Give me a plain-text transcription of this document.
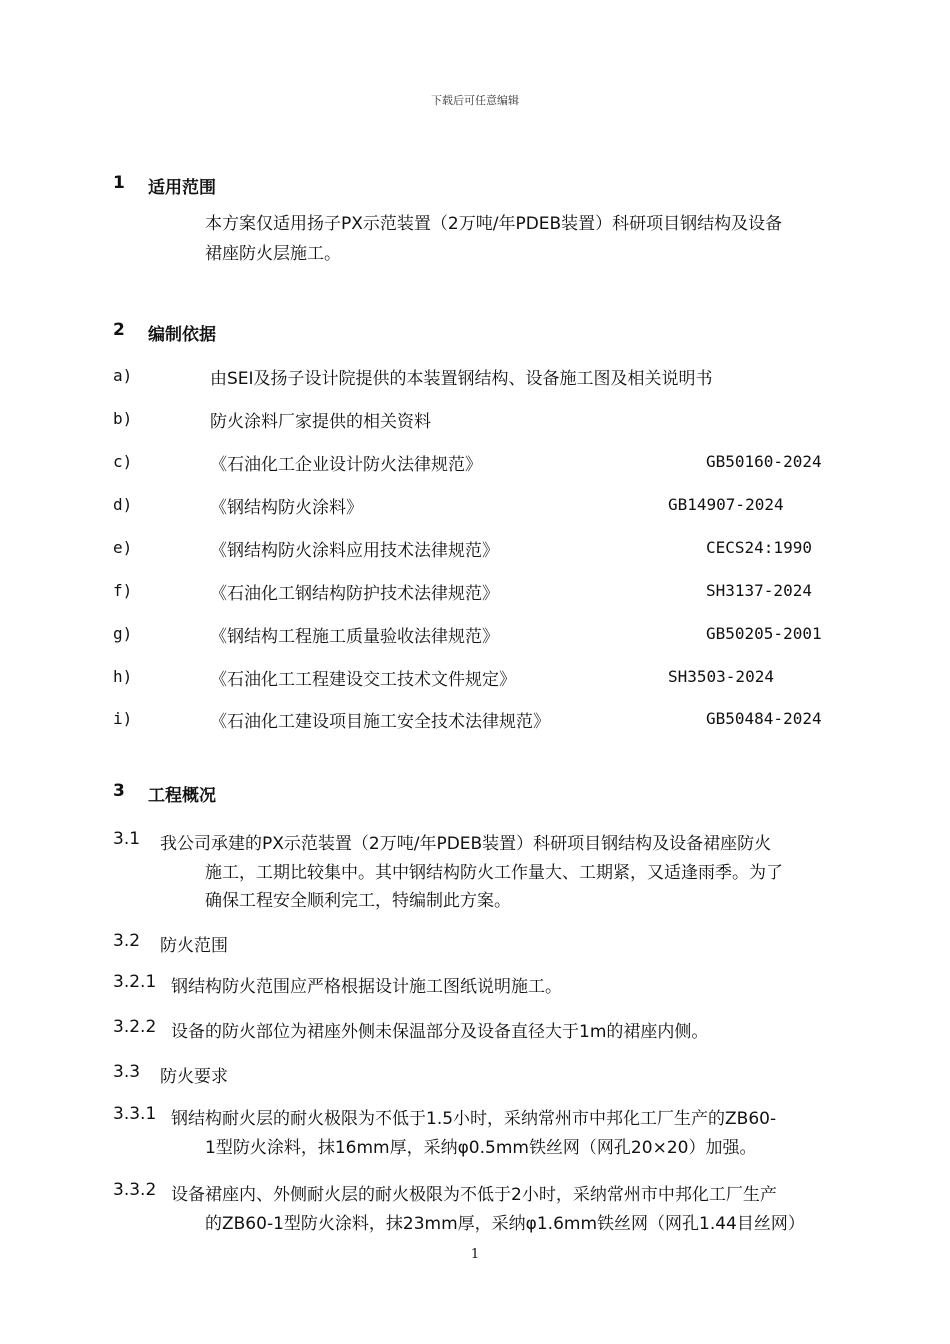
下载后可任意编辑
1 适用范围
本方案仅适用扬子PX示范装置（2万吨/年PDEB装置）科研项目钢结构及设备
裙座防火层施工。
2 编制依据
a)	由SEI及扬子设计院提供的本装置钢结构、设备施工图及相关说明书
b)	防火涂料厂家提供的相关资料
c)	《石油化工企业设计防火法律规范》	GB50160-2024
d)	《钢结构防火涂料》	GB14907-2024
e)	《钢结构防火涂料应用技术法律规范》	CECS24:1990
f)	《石油化工钢结构防护技术法律规范》	SH3137-2024
g)	《钢结构工程施工质量验收法律规范》	GB50205-2001
h)	《石油化工工程建设交工技术文件规定》	SH3503-2024
i)	《石油化工建设项目施工安全技术法律规范》	GB50484-2024
3 工程概况
3.1 我公司承建的PX示范装置（2万吨/年PDEB装置）科研项目钢结构及设备裙座防火
施工，工期比较集中。其中钢结构防火工作量大、工期紧，又适逢雨季。为了
确保工程安全顺利完工，特编制此方案。
3.2 防火范围
3.2.1 钢结构防火范围应严格根据设计施工图纸说明施工。
3.2.2 设备的防火部位为裙座外侧未保温部分及设备直径大于1m的裙座内侧。
3.3 防火要求
3.3.1 钢结构耐火层的耐火极限为不低于1.5小时，采纳常州市中邦化工厂生产的ZB60-
1型防火涂料，抹16mm厚，采纳φ0.5mm铁丝网（网孔20×20）加强。
3.3.2 设备裙座内、外侧耐火层的耐火极限为不低于2小时，采纳常州市中邦化工厂生产
的ZB60-1型防火涂料，抹23mm厚，采纳φ1.6mm铁丝网（网孔1.44目丝网）
1
